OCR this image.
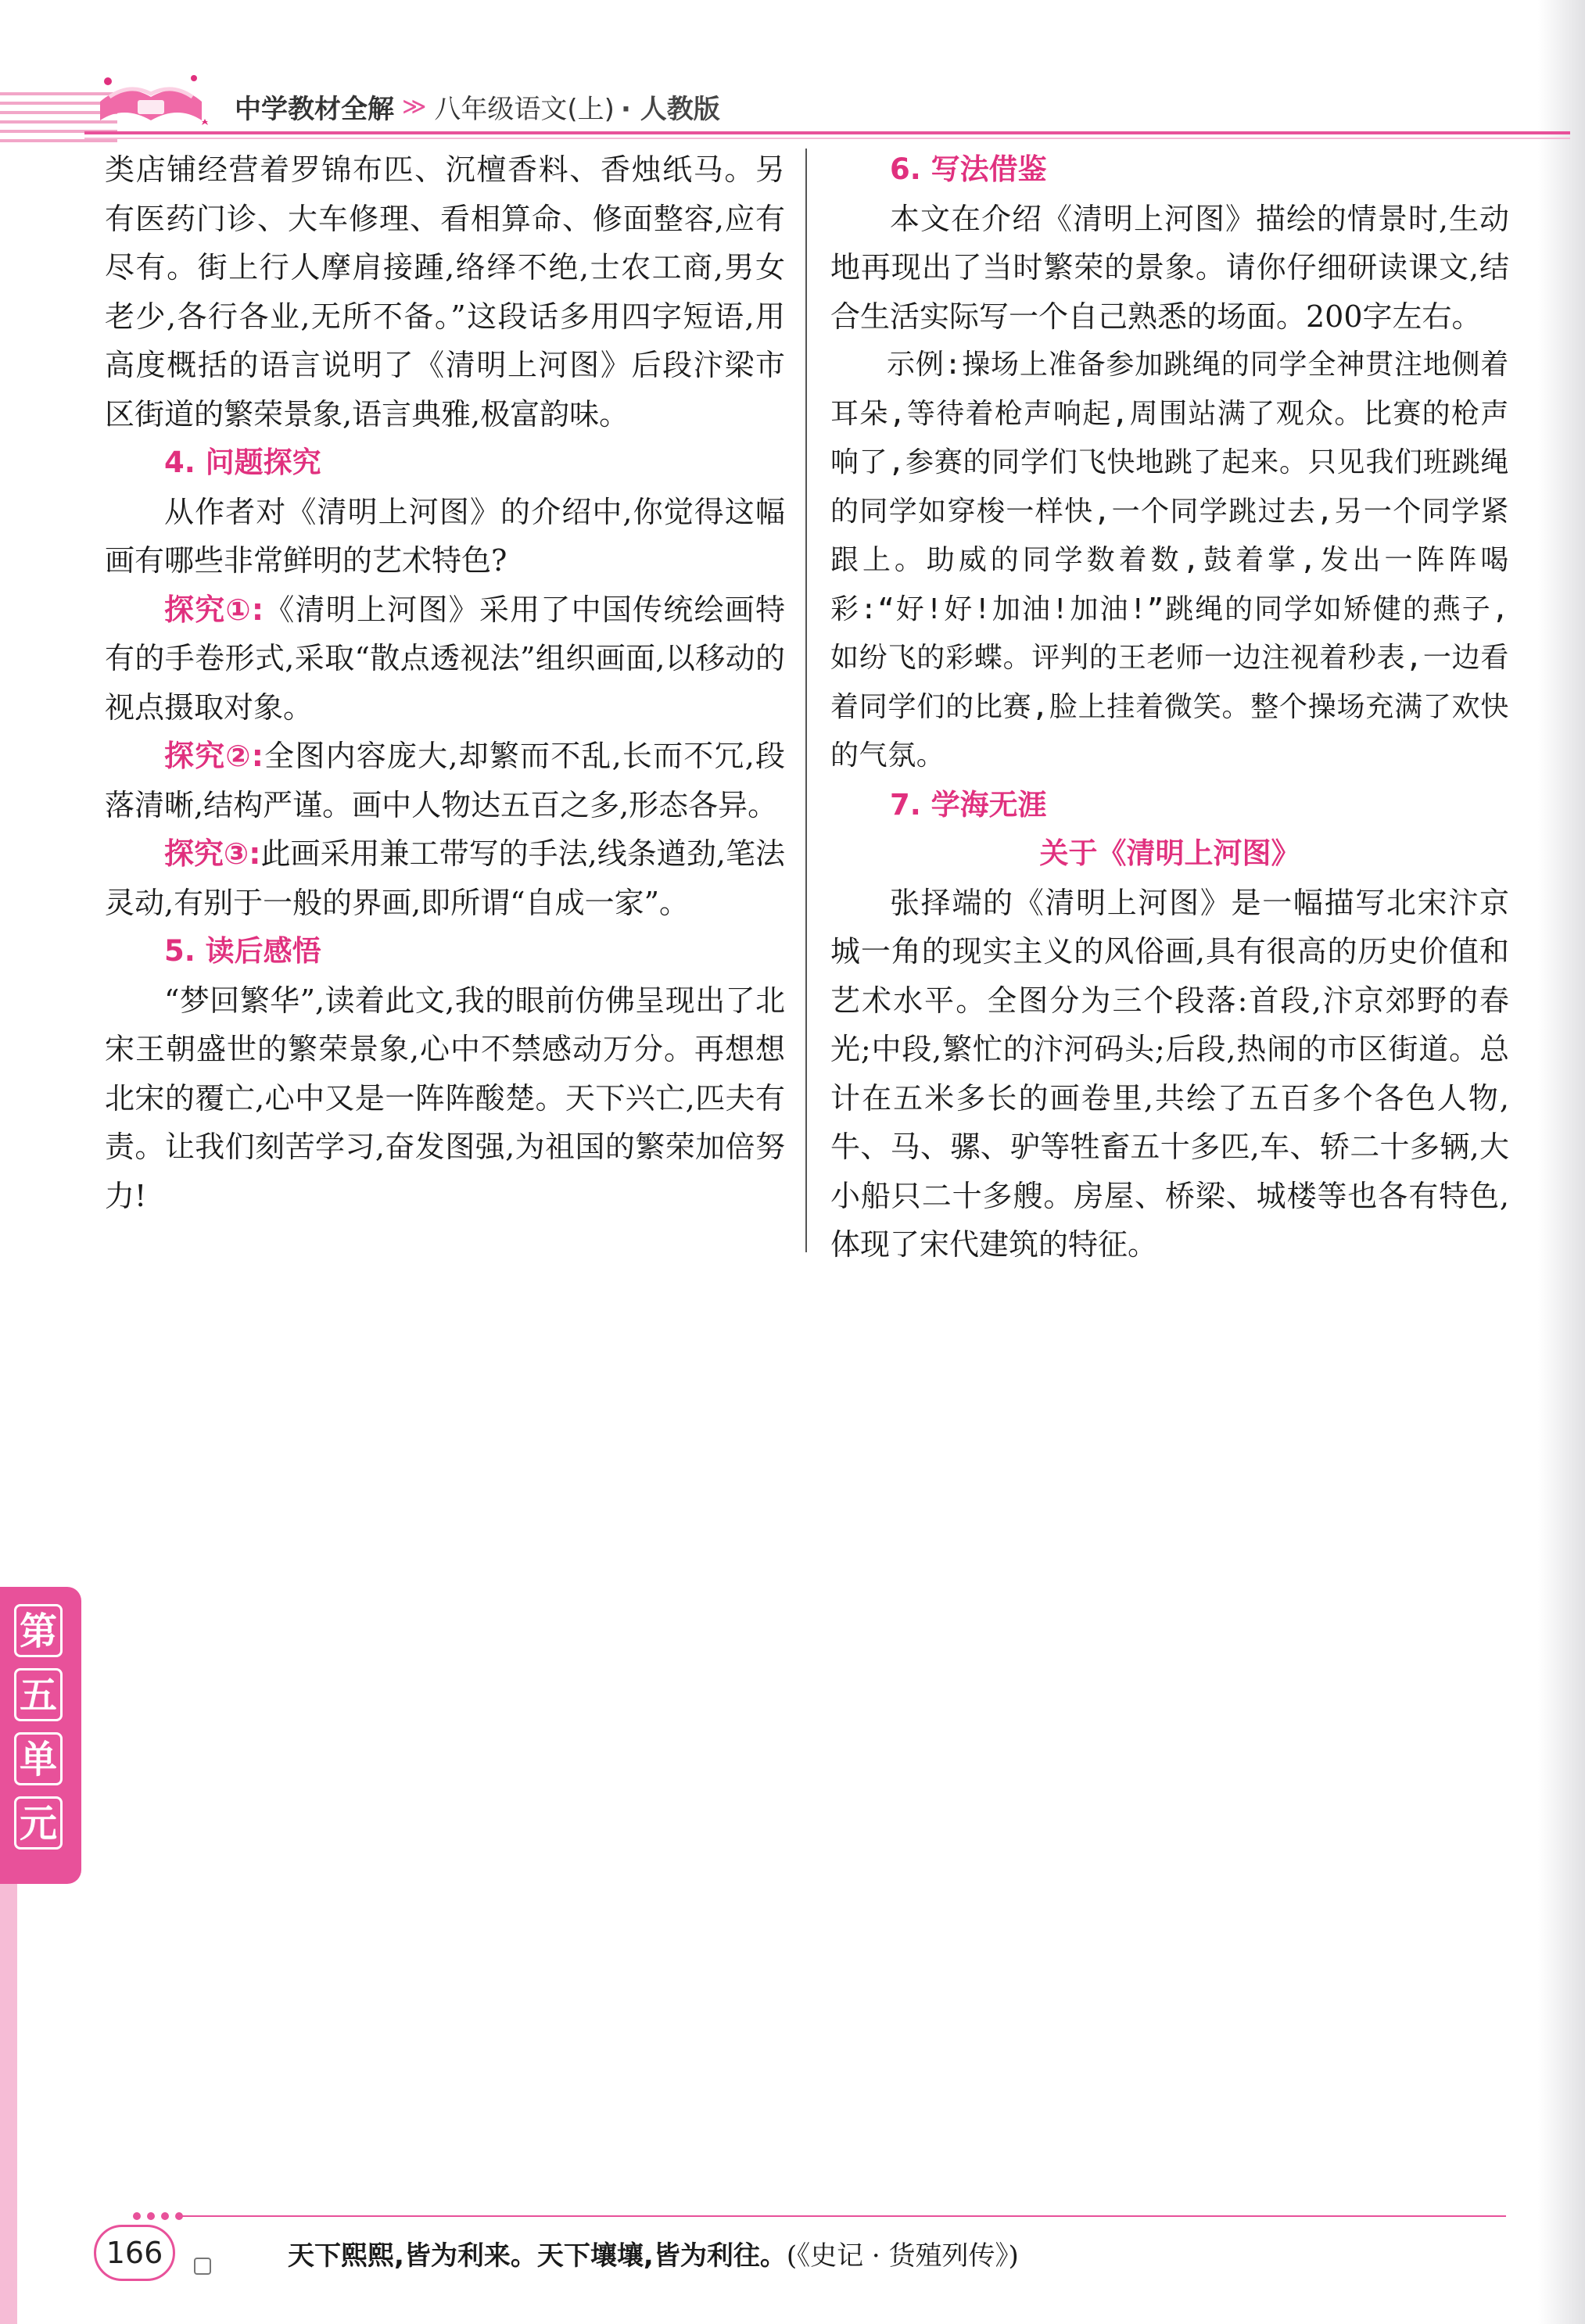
中学教材全解 ≫ 八年级语文(上) · 人教版

类店铺经营着罗锦布匹、沉檀香料、香烛纸马。另有医药门诊、大车修理、看相算命、修面整容,应有尽有。街上行人摩肩接踵,络绎不绝,士农工商,男女老少,各行各业,无所不备。”这段话多用四字短语,用高度概括的语言说明了《清明上河图》后段汴梁市区街道的繁荣景象,语言典雅,极富韵味。

4. 问题探究

从作者对《清明上河图》的介绍中,你觉得这幅画有哪些非常鲜明的艺术特色?

探究①:《清明上河图》采用了中国传统绘画特有的手卷形式,采取“散点透视法”组织画面,以移动的视点摄取对象。

探究②:全图内容庞大,却繁而不乱,长而不冗,段落清晰,结构严谨。画中人物达五百之多,形态各异。

探究③:此画采用兼工带写的手法,线条遒劲,笔法灵动,有别于一般的界画,即所谓“自成一家”。

5. 读后感悟

“梦回繁华”,读着此文,我的眼前仿佛呈现出了北宋王朝盛世的繁荣景象,心中不禁感动万分。再想想北宋的覆亡,心中又是一阵阵酸楚。天下兴亡,匹夫有责。让我们刻苦学习,奋发图强,为祖国的繁荣加倍努力!

6. 写法借鉴

本文在介绍《清明上河图》描绘的情景时,生动地再现出了当时繁荣的景象。请你仔细研读课文,结合生活实际写一个自己熟悉的场面。200字左右。

示例:操场上准备参加跳绳的同学全神贯注地侧着耳朵,等待着枪声响起,周围站满了观众。比赛的枪声响了,参赛的同学们飞快地跳了起来。只见我们班跳绳的同学如穿梭一样快,一个同学跳过去,另一个同学紧跟上。助威的同学数着数,鼓着掌,发出一阵阵喝彩:“好!好!加油!加油!”跳绳的同学如矫健的燕子,如纷飞的彩蝶。评判的王老师一边注视着秒表,一边看着同学们的比赛,脸上挂着微笑。整个操场充满了欢快的气氛。

7. 学海无涯

关于《清明上河图》

张择端的《清明上河图》是一幅描写北宋汴京城一角的现实主义的风俗画,具有很高的历史价值和艺术水平。全图分为三个段落:首段,汴京郊野的春光;中段,繁忙的汴河码头;后段,热闹的市区街道。总计在五米多长的画卷里,共绘了五百多个各色人物,牛、马、骡、驴等牲畜五十多匹,车、轿二十多辆,大小船只二十多艘。房屋、桥梁、城楼等也各有特色,体现了宋代建筑的特征。

第
五
单
元
166	天下熙熙,皆为利来。天下壤壤,皆为利往。(《史记 · 货殖列传》)
